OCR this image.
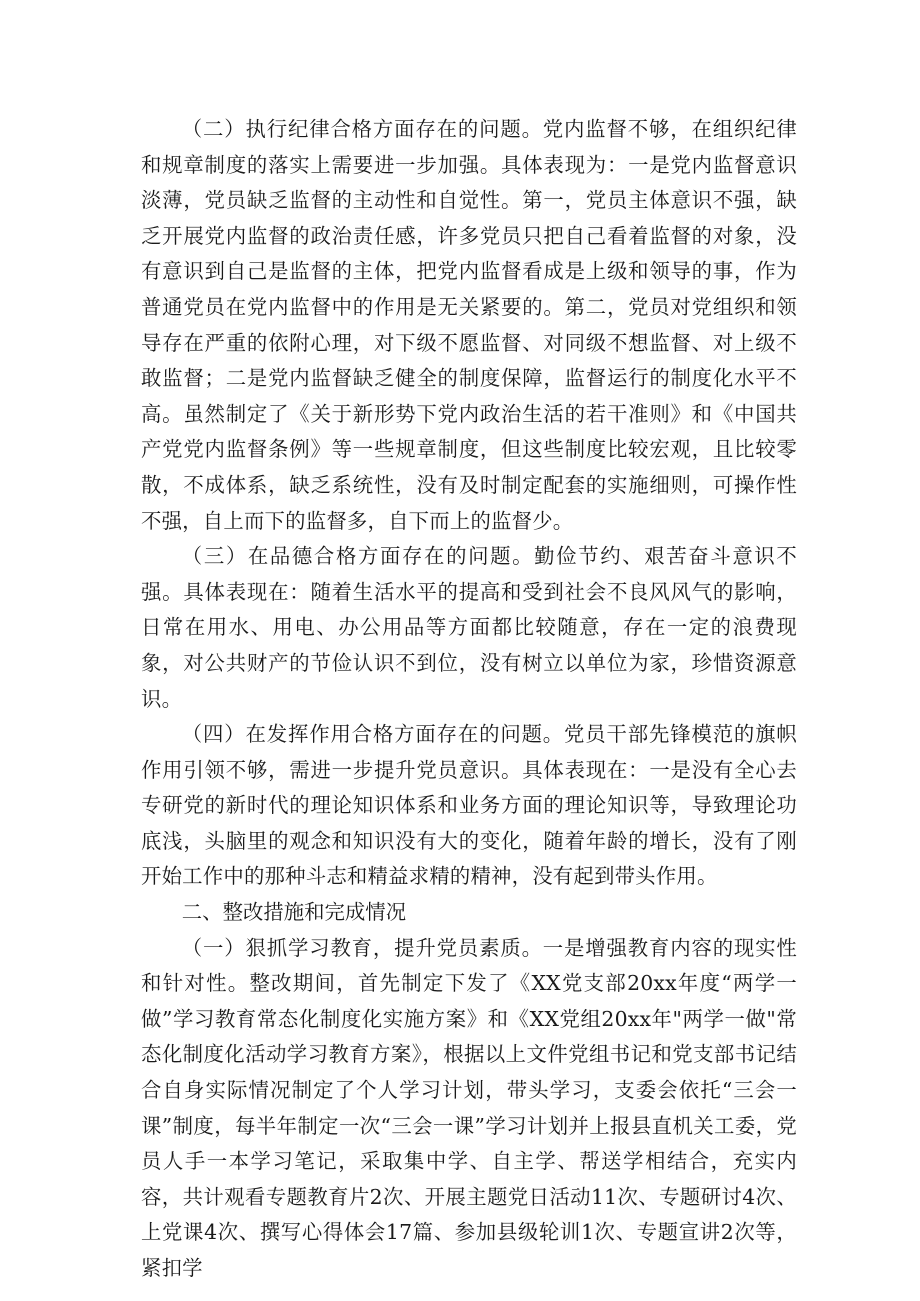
（二）执行纪律合格方面存在的问题。党内监督不够，在组织纪律和规章制度的落实上需要进一步加强。具体表现为：一是党内监督意识淡薄，党员缺乏监督的主动性和自觉性。第一，党员主体意识不强，缺乏开展党内监督的政治责任感，许多党员只把自己看着监督的对象，没有意识到自己是监督的主体，把党内监督看成是上级和领导的事，作为普通党员在党内监督中的作用是无关紧要的。第二，党员对党组织和领导存在严重的依附心理，对下级不愿监督、对同级不想监督、对上级不敢监督；二是党内监督缺乏健全的制度保障，监督运行的制度化水平不高。虽然制定了《关于新形势下党内政治生活的若干准则》和《中国共产党党内监督条例》等一些规章制度，但这些制度比较宏观，且比较零散，不成体系，缺乏系统性，没有及时制定配套的实施细则，可操作性不强，自上而下的监督多，自下而上的监督少。

（三）在品德合格方面存在的问题。勤俭节约、艰苦奋斗意识不强。具体表现在：随着生活水平的提高和受到社会不良风风气的影响，日常在用水、用电、办公用品等方面都比较随意，存在一定的浪费现象，对公共财产的节俭认识不到位，没有树立以单位为家，珍惜资源意识。

（四）在发挥作用合格方面存在的问题。党员干部先锋模范的旗帜作用引领不够，需进一步提升党员意识。具体表现在：一是没有全心去专研党的新时代的理论知识体系和业务方面的理论知识等，导致理论功底浅，头脑里的观念和知识没有大的变化，随着年龄的增长，没有了刚开始工作中的那种斗志和精益求精的精神，没有起到带头作用。

二、整改措施和完成情况

（一）狠抓学习教育，提升党员素质。一是增强教育内容的现实性和针对性。整改期间，首先制定下发了《XX党支部20xx年度“两学一做”学习教育常态化制度化实施方案》和《XX党组20xx年"两学一做"常态化制度化活动学习教育方案》，根据以上文件党组书记和党支部书记结合自身实际情况制定了个人学习计划，带头学习，支委会依托“三会一课”制度，每半年制定一次“三会一课”学习计划并上报县直机关工委，党员人手一本学习笔记，采取集中学、自主学、帮送学相结合，充实内容，共计观看专题教育片2次、开展主题党日活动11次、专题研讨4次、上党课4次、撰写心得体会17篇、参加县级轮训1次、专题宣讲2次等，紧扣学
